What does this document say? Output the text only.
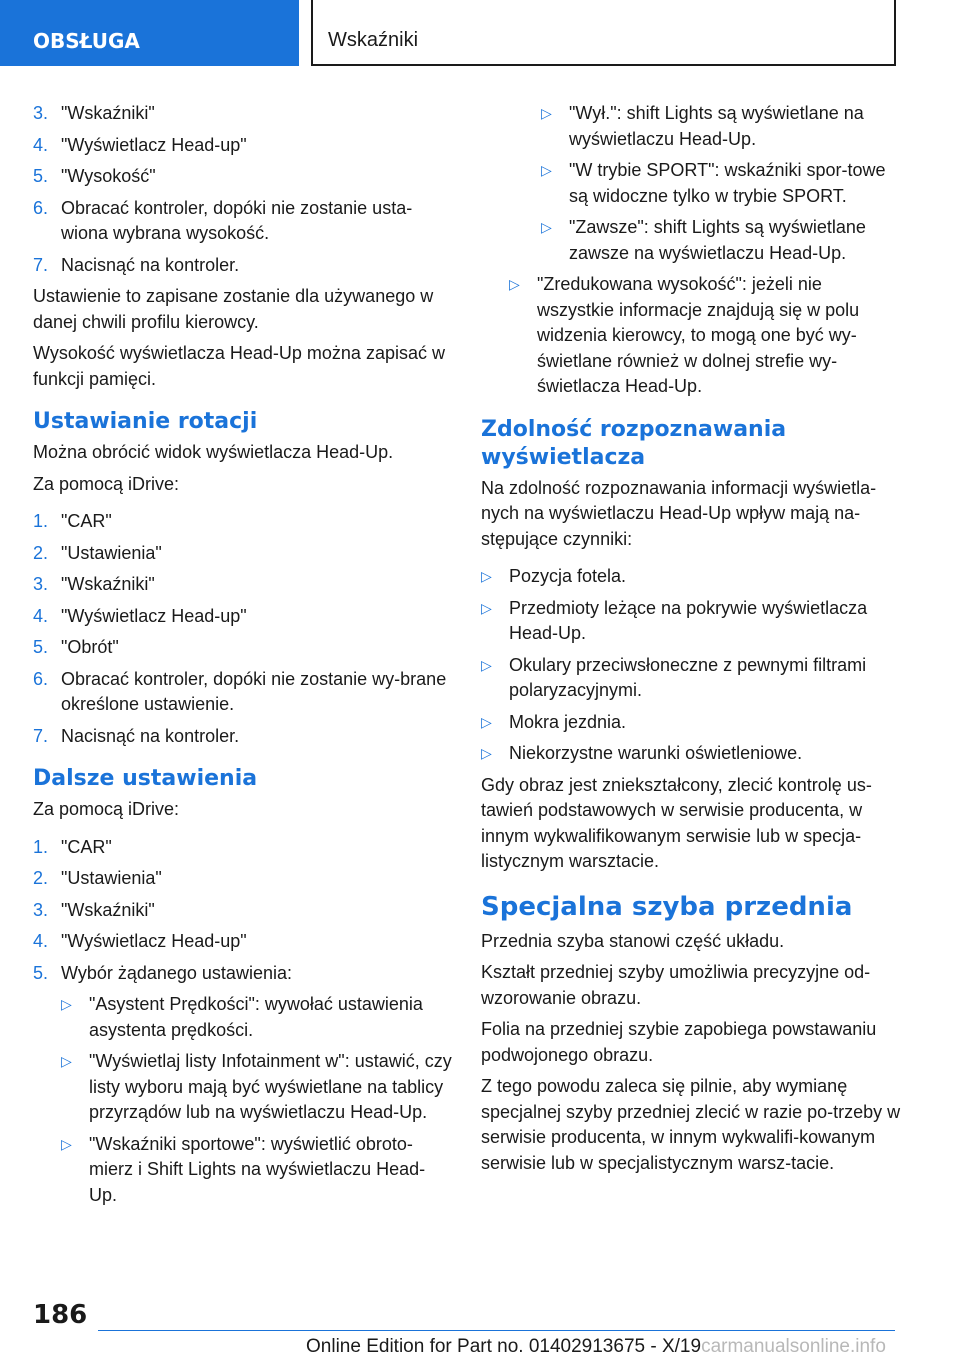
OBSŁUGA	Wskaźniki
3. "Wskaźniki"
4. "Wyświetlacz Head-up"
5. "Wysokość"
6. Obracać kontroler, dopóki nie zostanie usta-wiona wybrana wysokość.
7. Nacisnąć na kontroler.

Ustawienie to zapisane zostanie dla używanego w danej chwili profilu kierowcy.

Wysokość wyświetlacza Head-Up można zapisać w funkcji pamięci.

Ustawianie rotacji

Można obrócić widok wyświetlacza Head-Up.

Za pomocą iDrive:

1. "CAR"
2. "Ustawienia"
3. "Wskaźniki"
4. "Wyświetlacz Head-up"
5. "Obrót"
6. Obracać kontroler, dopóki nie zostanie wy-brane określone ustawienie.
7. Nacisnąć na kontroler.
Dalsze ustawienia

Za pomocą iDrive:

1. "CAR"
2. "Ustawienia"
3. "Wskaźniki"
4. "Wyświetlacz Head-up"
5. Wybór żądanego ustawienia:
▷ "Asystent Prędkości": wywołać ustawienia asystenta prędkości.
▷ "Wyświetlaj listy Infotainment w": ustawić, czy listy wyboru mają być wyświetlane na tablicy przyrządów lub na wyświetlaczu Head-Up.
▷ "Wskaźniki sportowe": wyświetlić obroto-mierz i Shift Lights na wyświetlaczu Head-Up.
▷ "Wył.": shift Lights są wyświetlane na wyświetlaczu Head-Up.
▷ "W trybie SPORT": wskaźniki spor-towe są widoczne tylko w trybie SPORT.
▷ "Zawsze": shift Lights są wyświetlane zawsze na wyświetlaczu Head-Up.
▷ "Zredukowana wysokość": jeżeli nie wszystkie informacje znajdują się w polu widzenia kierowcy, to mogą one być wy-świetlane również w dolnej strefie wy-świetlacza Head-Up.
Zdolność rozpoznawania wyświetlacza

Na zdolność rozpoznawania informacji wyświetla-nych na wyświetlaczu Head-Up wpływ mają na-stępujące czynniki:

▷ Pozycja fotela.
▷ Przedmioty leżące na pokrywie wyświetlacza Head-Up.
▷ Okulary przeciwsłoneczne z pewnymi filtrami polaryzacyjnymi.
▷ Mokra jezdnia.
▷ Niekorzystne warunki oświetleniowe.

Gdy obraz jest zniekształcony, zlecić kontrolę us-tawień podstawowych w serwisie producenta, w innym wykwalifikowanym serwisie lub w specja-listycznym warsztacie.

Specjalna szyba przednia

Przednia szyba stanowi część układu.

Kształt przedniej szyby umożliwia precyzyjne od-wzorowanie obrazu.

Folia na przedniej szybie zapobiega powstawaniu podwojonego obrazu.

Z tego powodu zaleca się pilnie, aby wymianę specjalnej szyby przedniej zlecić w razie po-trzeby w serwisie producenta, w innym wykwalifi-kowanym serwisie lub w specjalistycznym warsz-tacie.

186
Online Edition for Part no. 01402913675 - X/19carmanualsonline.info
